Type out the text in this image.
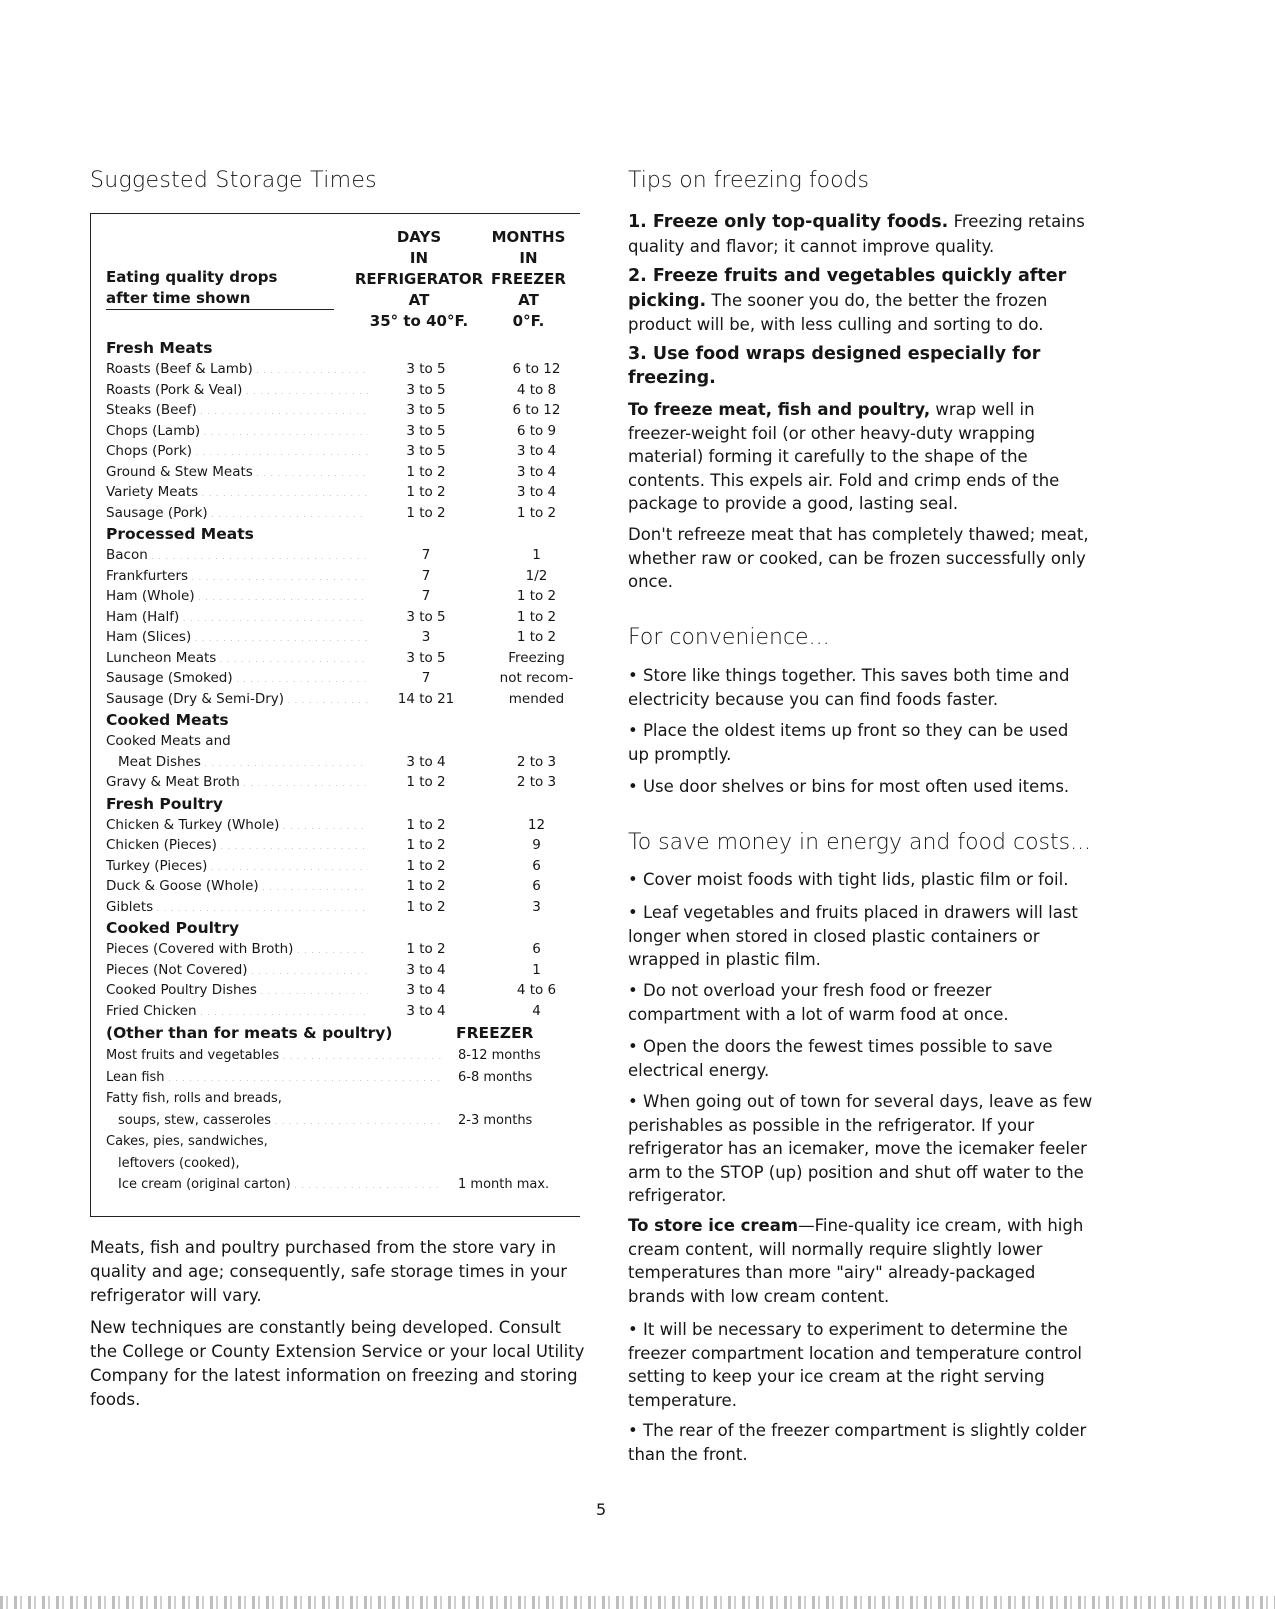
Suggested Storage Times
DAYS
IN
REFRIGERATOR
AT
35° to 40°F.
MONTHS
IN
FREEZER
AT
0°F.
Eating quality drops
after time shown
Fresh Meats
Roasts (Beef & Lamb) . . .	3 to 5	6 to 12
Roasts (Pork & Veal) . . .	3 to 5	4 to 8
Steaks (Beef) . . .	3 to 5	6 to 12
Chops (Lamb) . . .	3 to 5	6 to 9
Chops (Pork) . . .	3 to 5	3 to 4
Ground & Stew Meats . . .	1 to 2	3 to 4
Variety Meats . . .	1 to 2	3 to 4
Sausage (Pork) . . .	1 to 2	1 to 2
Processed Meats
Bacon . . .	7	1
Frankfurters . . .	7	1/2
Ham (Whole) . . .	7	1 to 2
Ham (Half) . . .	3 to 5	1 to 2
Ham (Slices) . . .	3	1 to 2
Luncheon Meats . . .	3 to 5	Freezing
Sausage (Smoked) . . .	7	not recom-
Sausage (Dry & Semi-Dry) . . .	14 to 21	mended
Cooked Meats
Cooked Meats and
Meat Dishes . . .	3 to 4	2 to 3
Gravy & Meat Broth . . .	1 to 2	2 to 3
Fresh Poultry
Chicken & Turkey (Whole) . . .	1 to 2	12
Chicken (Pieces) . . .	1 to 2	9
Turkey (Pieces) . . .	1 to 2	6
Duck & Goose (Whole) . . .	1 to 2	6
Giblets . . .	1 to 2	3
Cooked Poultry
Pieces (Covered with Broth) . . .	1 to 2	6
Pieces (Not Covered) . . .	3 to 4	1
Cooked Poultry Dishes . . .	3 to 4	4 to 6
Fried Chicken . . .	3 to 4	4
(Other than for meats & poultry)	FREEZER
Most fruits and vegetables . . .	8-12 months
Lean fish . . .	6-8 months
Fatty fish, rolls and breads,
soups, stew, casseroles . . .	2-3 months
Cakes, pies, sandwiches,
leftovers (cooked),
Ice cream (original carton) . . .	1 month max.

Meats, fish and poultry purchased from the store vary in quality and age; consequently, safe storage times in your refrigerator will vary.

New techniques are constantly being developed. Consult the College or County Extension Service or your local Utility Company for the latest information on freezing and storing foods.

Tips on freezing foods

1. Freeze only top-quality foods. Freezing retains quality and flavor; it cannot improve quality.

2. Freeze fruits and vegetables quickly after picking. The sooner you do, the better the frozen product will be, with less culling and sorting to do.

3. Use food wraps designed especially for freezing.

To freeze meat, fish and poultry, wrap well in freezer-weight foil (or other heavy-duty wrapping material) forming it carefully to the shape of the contents. This expels air. Fold and crimp ends of the package to provide a good, lasting seal.

Don't refreeze meat that has completely thawed; meat, whether raw or cooked, can be frozen successfully only once.

For convenience...

• Store like things together. This saves both time and electricity because you can find foods faster.

• Place the oldest items up front so they can be used up promptly.

• Use door shelves or bins for most often used items.

To save money in energy and food costs...

• Cover moist foods with tight lids, plastic film or foil.

• Leaf vegetables and fruits placed in drawers will last longer when stored in closed plastic containers or wrapped in plastic film.

• Do not overload your fresh food or freezer compartment with a lot of warm food at once.

• Open the doors the fewest times possible to save electrical energy.

• When going out of town for several days, leave as few perishables as possible in the refrigerator. If your refrigerator has an icemaker, move the icemaker feeler arm to the STOP (up) position and shut off water to the refrigerator.

To store ice cream—Fine-quality ice cream, with high cream content, will normally require slightly lower temperatures than more "airy" already-packaged brands with low cream content.

• It will be necessary to experiment to determine the freezer compartment location and temperature control setting to keep your ice cream at the right serving temperature.

• The rear of the freezer compartment is slightly colder than the front.

5
